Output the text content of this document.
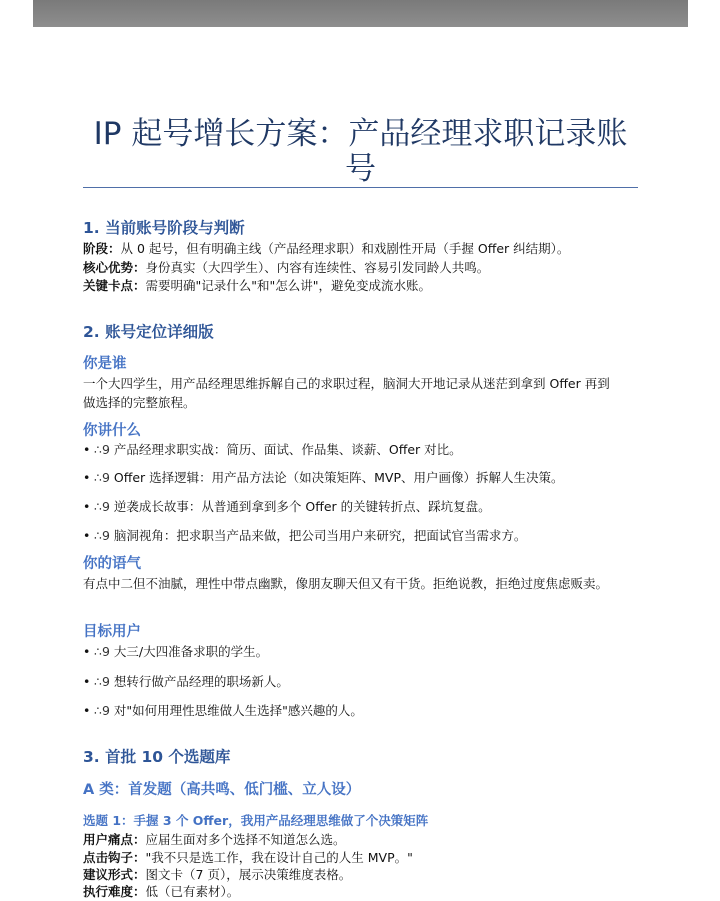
IP 起号增长方案：产品经理求职记录账号
1. 当前账号阶段与判断
阶段：从 0 起号，但有明确主线（产品经理求职）和戏剧性开局（手握 Offer 纠结期）。
核心优势：身份真实（大四学生）、内容有连续性、容易引发同龄人共鸣。
关键卡点：需要明确"记录什么"和"怎么讲"，避免变成流水账。
2. 账号定位详细版
你是谁
一个大四学生，用产品经理思维拆解自己的求职过程，脑洞大开地记录从迷茫到拿到 Offer 再到做选择的完整旅程。
你讲什么
• ∴9 产品经理求职实战：简历、面试、作品集、谈薪、Offer 对比。
• ∴9 Offer 选择逻辑：用产品方法论（如决策矩阵、MVP、用户画像）拆解人生决策。
• ∴9 逆袭成长故事：从普通到拿到多个 Offer 的关键转折点、踩坑复盘。
• ∴9 脑洞视角：把求职当产品来做，把公司当用户来研究，把面试官当需求方。
你的语气
有点中二但不油腻，理性中带点幽默，像朋友聊天但又有干货。拒绝说教，拒绝过度焦虑贩卖。
目标用户
• ∴9 大三/大四准备求职的学生。
• ∴9 想转行做产品经理的职场新人。
• ∴9 对"如何用理性思维做人生选择"感兴趣的人。
3. 首批 10 个选题库
A 类：首发题（高共鸣、低门槛、立人设）
选题 1：手握 3 个 Offer，我用产品经理思维做了个决策矩阵
用户痛点：应届生面对多个选择不知道怎么选。
点击钩子："我不只是选工作，我在设计自己的人生 MVP。"
建议形式：图文卡（7 页），展示决策维度表格。
执行难度：低（已有素材）。
